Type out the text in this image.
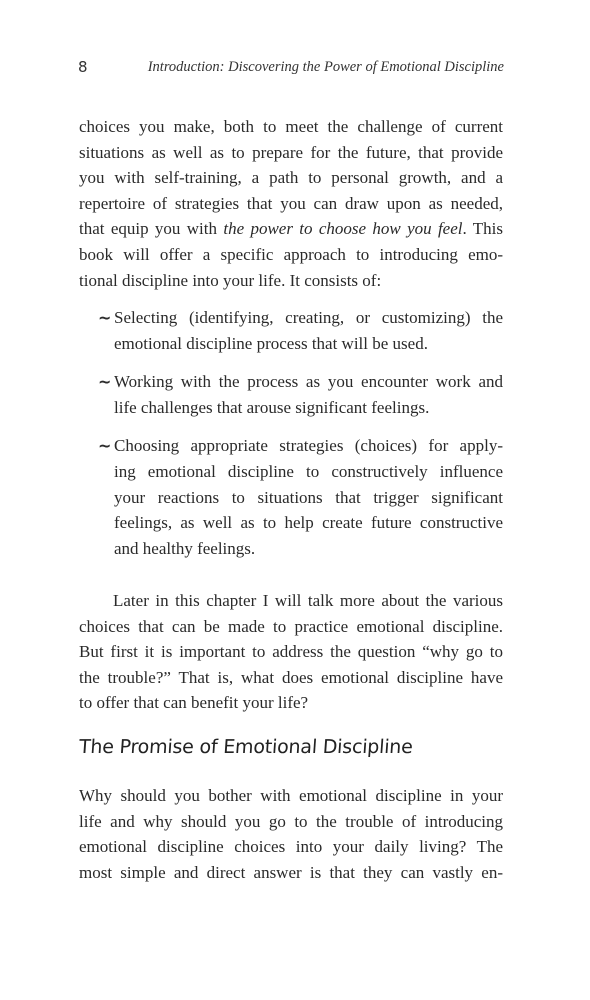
8	Introduction: Discovering the Power of Emotional Discipline

choices you make, both to meet the challenge of current
situations as well as to prepare for the future, that provide
you with self-training, a path to personal growth, and a
repertoire of strategies that you can draw upon as needed,
that equip you with the power to choose how you feel. This
book will offer a specific approach to introducing emo-
tional discipline into your life. It consists of:

~ Selecting (identifying, creating, or customizing) the
emotional discipline process that will be used.
~ Working with the process as you encounter work and
life challenges that arouse significant feelings.
~ Choosing appropriate strategies (choices) for apply-
ing emotional discipline to constructively influence
your reactions to situations that trigger significant
feelings, as well as to help create future constructive
and healthy feelings.

Later in this chapter I will talk more about the various
choices that can be made to practice emotional discipline.
But first it is important to address the question “why go to
the trouble?” That is, what does emotional discipline have
to offer that can benefit your life?

The Promise of Emotional Discipline

Why should you bother with emotional discipline in your
life and why should you go to the trouble of introducing
emotional discipline choices into your daily living? The
most simple and direct answer is that they can vastly en-
